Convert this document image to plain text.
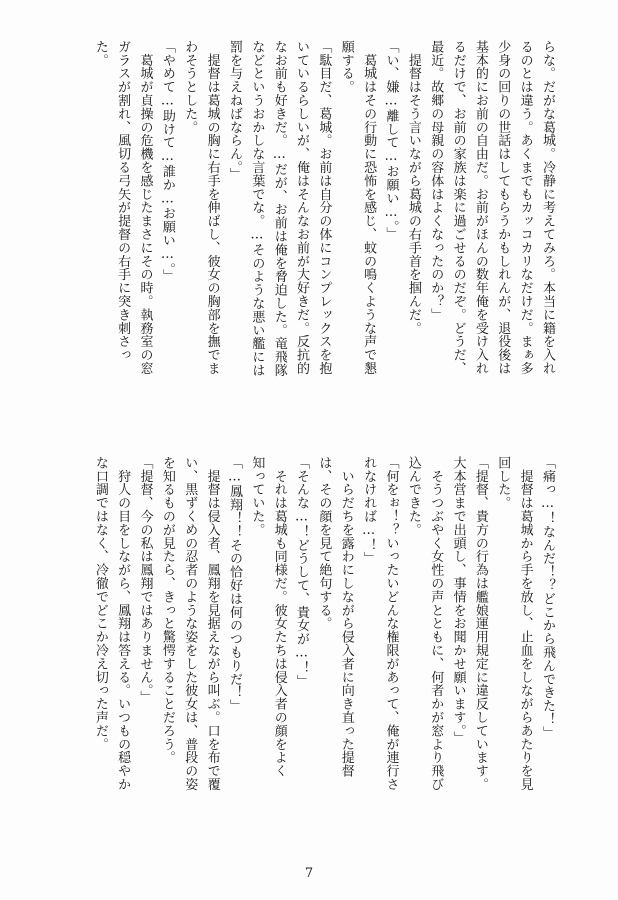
らな。だがな葛城。冷静に考えてみろ。本当に籍を入れ
るのとは違う。あくまでもカッコカリなだけだ。まぁ多
少身の回りの世話はしてもらうかもしれんが、退役後は
基本的にお前の自由だ。お前がほんの数年俺を受け入れ
るだけで、お前の家族は楽に過ごせるのだぞ。どうだ、
最近。故郷の母親の容体はよくなったのか？」
　提督はそう言いながら葛城の右手首を掴んだ。
「い、嫌…離して…お願い…。」
　葛城はその行動に恐怖を感じ、蚊の鳴くような声で懇
願する。
「駄目だ、葛城。お前は自分の体にコンプレックスを抱
いているらしいが、俺はそんなお前が大好きだ。反抗的
なお前も好きだ。…だが、お前は俺を脅迫した。竜飛隊
などというおかしな言葉でな。…そのような悪い艦には
罰を与えねばならん。」
　提督は葛城の胸に右手を伸ばし、彼女の胸部を撫でま
わそうとした。
「やめて…助けて…誰か…お願い…。」
　葛城が貞操の危機を感じたまさにその時。執務室の窓
ガラスが割れ、風切る弓矢が提督の右手に突き刺さっ
た。
「痛っ…！なんだ！？どこから飛んできた！」
　提督は葛城から手を放し、止血をしながらあたりを見
回した。
「提督、貴方の行為は艦娘運用規定に違反しています。
大本営まで出頭し、事情をお聞かせ願います。」
　そうつぶやく女性の声とともに、何者かが窓より飛び
込んできた。
「何をぉ！？いったいどんな権限があって、俺が連行さ
れなければ…！」
　いらだちを露わにしながら侵入者に向き直った提督
は、その顔を見て絶句する。
「そんな…！どうして、貴女が…！」
　それは葛城も同様だ。彼女たちは侵入者の顔をよく
知っていた。
「…鳳翔！！その恰好は何のつもりだ！」
　提督は侵入者、鳳翔を見据えながら叫ぶ。口を布で覆
い、黒ずくめの忍者のような姿をした彼女は、普段の姿
を知るものが見たら、きっと驚愕することだろう。
「提督、今の私は鳳翔ではありません。」
　狩人の目をしながら、鳳翔は答える。いつもの穏やか
な口調ではなく、冷徹でどこか冷え切った声だ。
7
